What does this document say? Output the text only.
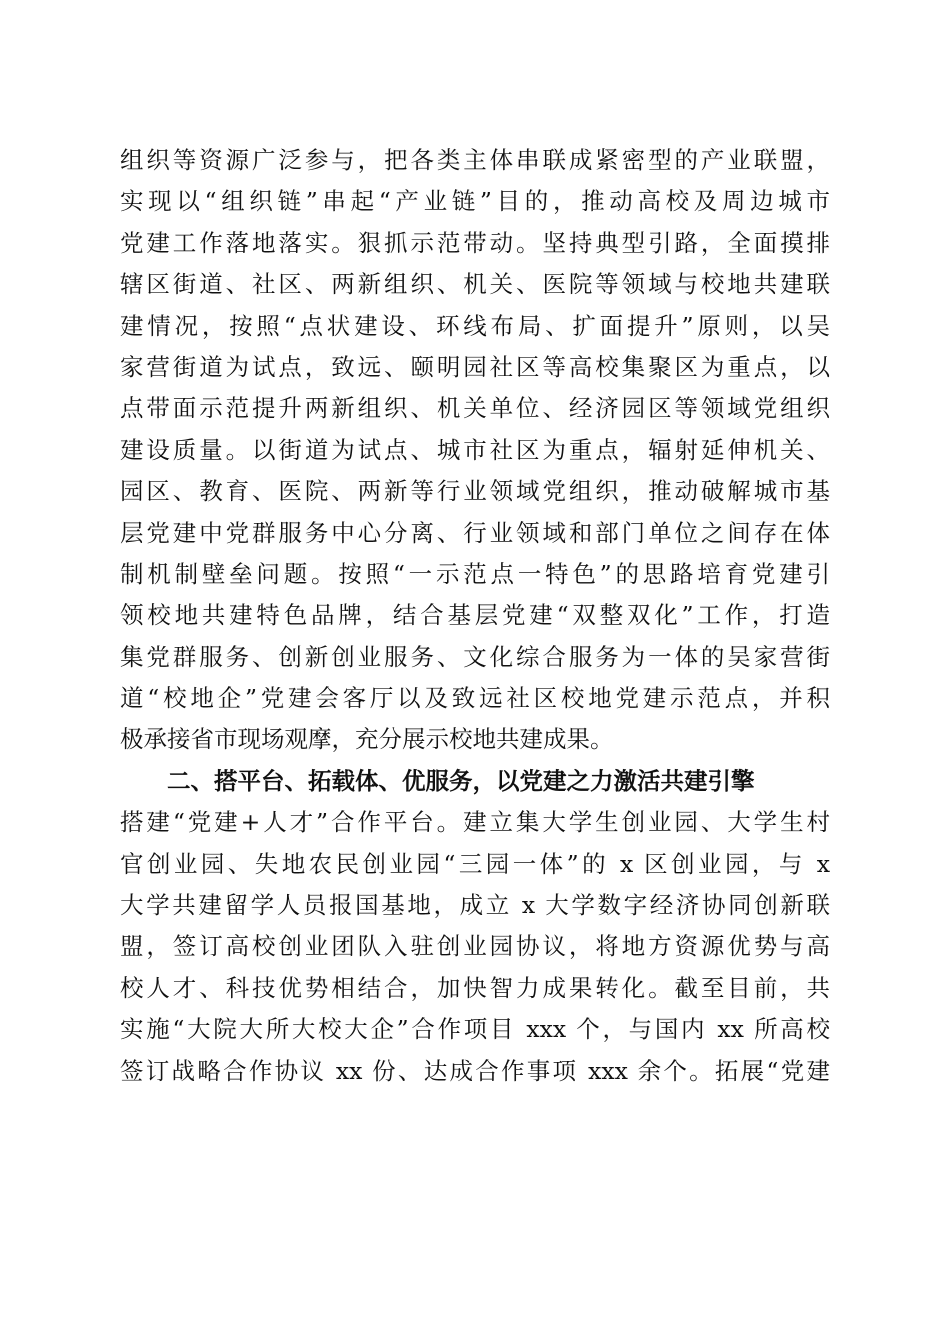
组织等资源广泛参与，把各类主体串联成紧密型的产业联盟，
实现以“组织链”串起“产业链”目的，推动高校及周边城市
党建工作落地落实。狠抓示范带动。坚持典型引路，全面摸排
辖区街道、社区、两新组织、机关、医院等领域与校地共建联
建情况，按照“点状建设、环线布局、扩面提升”原则，以吴
家营街道为试点，致远、颐明园社区等高校集聚区为重点，以
点带面示范提升两新组织、机关单位、经济园区等领域党组织
建设质量。以街道为试点、城市社区为重点，辐射延伸机关、
园区、教育、医院、两新等行业领域党组织，推动破解城市基
层党建中党群服务中心分离、行业领域和部门单位之间存在体
制机制壁垒问题。按照“一示范点一特色”的思路培育党建引
领校地共建特色品牌，结合基层党建“双整双化”工作，打造
集党群服务、创新创业服务、文化综合服务为一体的吴家营街
道“校地企”党建会客厅以及致远社区校地党建示范点，并积
极承接省市现场观摩，充分展示校地共建成果。
二、搭平台、拓载体、优服务，以党建之力激活共建引擎
搭建“党建+人才”合作平台。建立集大学生创业园、大学生村
官创业园、失地农民创业园“三园一体”的 x 区创业园，与 x
大学共建留学人员报国基地，成立 x 大学数字经济协同创新联
盟，签订高校创业团队入驻创业园协议，将地方资源优势与高
校人才、科技优势相结合，加快智力成果转化。截至目前，共
实施“大院大所大校大企”合作项目 xxx 个，与国内 xx 所高校
签订战略合作协议 xx 份、达成合作事项 xxx 余个。拓展“党建
